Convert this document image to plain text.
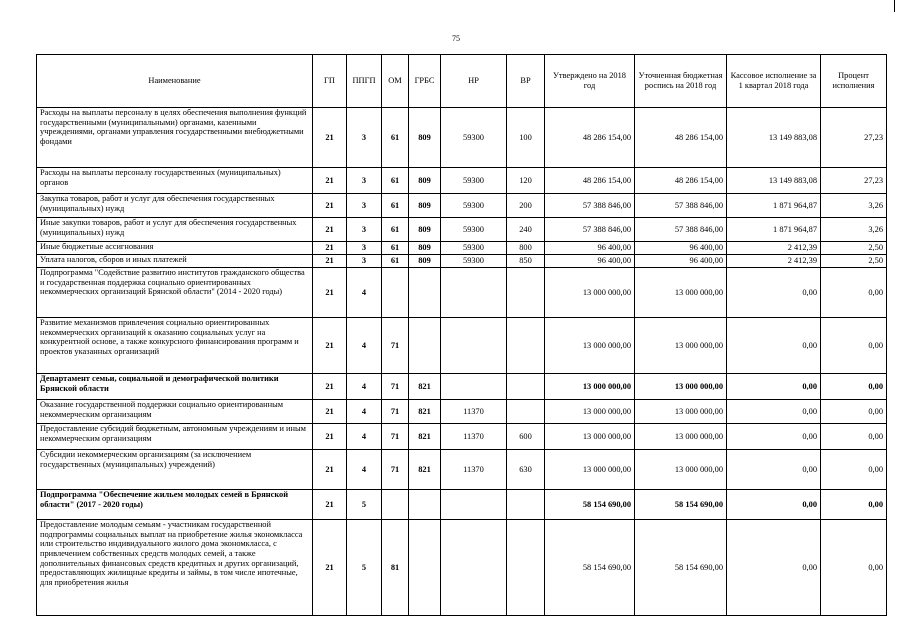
75
Наименование	ГП	ППГП	ОМ	ГРБС	НР	ВР	Утверждено на 2018 год	Уточненная бюджетная роспись на 2018 год	Кассовое исполнение за 1 квартал 2018 года	Процент исполнения
Расходы на выплаты персоналу в целях обеспечения выполнения функций государственными (муниципальными) органами, казенными учреждениями, органами управления государственными внебюджетными фондами	21	3	61	809	59300	100	48 286 154,00	48 286 154,00	13 149 883,08	27,23
Расходы на выплаты персоналу государственных (муниципальных) органов	21	3	61	809	59300	120	48 286 154,00	48 286 154,00	13 149 883,08	27,23
Закупка товаров, работ и услуг для обеспечения государственных (муниципальных) нужд	21	3	61	809	59300	200	57 388 846,00	57 388 846,00	1 871 964,87	3,26
Иные закупки товаров, работ и услуг для обеспечения государственных (муниципальных) нужд	21	3	61	809	59300	240	57 388 846,00	57 388 846,00	1 871 964,87	3,26
Иные бюджетные ассигнования	21	3	61	809	59300	800	96 400,00	96 400,00	2 412,39	2,50
Уплата налогов, сборов и иных платежей	21	3	61	809	59300	850	96 400,00	96 400,00	2 412,39	2,50
Подпрограмма "Содействие развитию институтов гражданского общества и государственная поддержка социально ориентированных некоммерческих организаций Брянской области" (2014 - 2020 годы)	21	4					13 000 000,00	13 000 000,00	0,00	0,00
Развитие механизмов привлечения социально ориентированных некоммерческих организаций к оказанию социальных услуг на конкурентной основе, а также конкурсного финансирования программ и проектов указанных организаций	21	4	71				13 000 000,00	13 000 000,00	0,00	0,00
Департамент семьи, социальной и демографической политики Брянской области	21	4	71	821			13 000 000,00	13 000 000,00	0,00	0,00
Оказание государственной поддержки социально ориентированным некоммерческим организациям	21	4	71	821	11370		13 000 000,00	13 000 000,00	0,00	0,00
Предоставление субсидий бюджетным, автономным учреждениям и иным некоммерческим организациям	21	4	71	821	11370	600	13 000 000,00	13 000 000,00	0,00	0,00
Субсидии некоммерческим организациям (за исключением государственных (муниципальных) учреждений)	21	4	71	821	11370	630	13 000 000,00	13 000 000,00	0,00	0,00
Подпрограмма "Обеспечение жильем молодых семей в Брянской области" (2017 - 2020 годы)	21	5					58 154 690,00	58 154 690,00	0,00	0,00
Предоставление молодым семьям - участникам государственной подпрограммы социальных выплат на приобретение жилья экономкласса или строительство индивидуального жилого дома экономкласса, с привлечением собственных средств молодых семей, а также дополнительных финансовых средств кредитных и других организаций, предоставляющих жилищные кредиты и займы, в том числе ипотечные, для приобретения жилья	21	5	81				58 154 690,00	58 154 690,00	0,00	0,00
